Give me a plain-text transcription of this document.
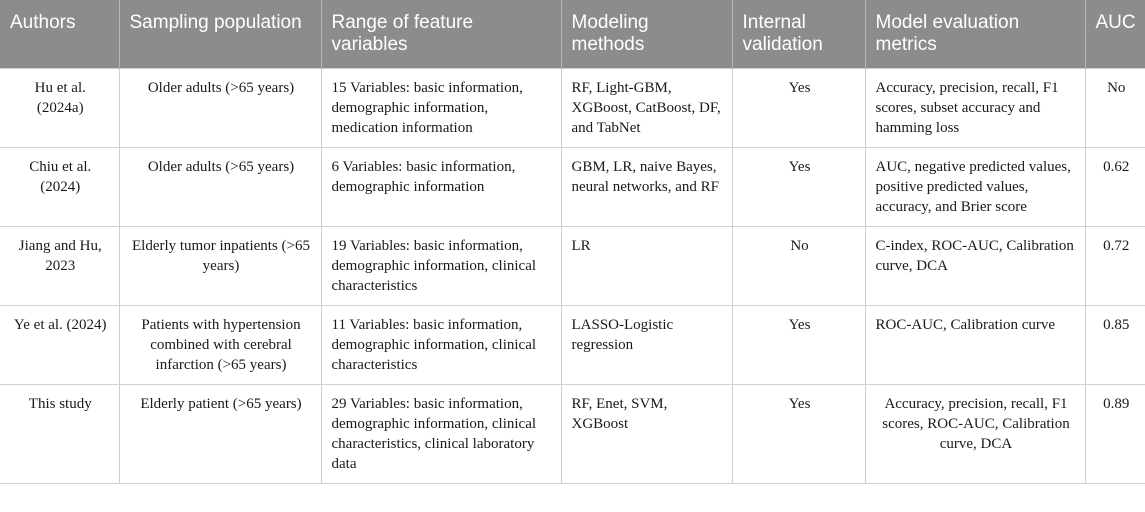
Authors	Sampling population	Range of feature variables	Modeling methods	Internal validation	Model evaluation metrics	AUC
Hu et al. (2024a)	Older adults (>65 years)	15 Variables: basic information, demographic information, medication information	RF, Light-GBM, XGBoost, CatBoost, DF, and TabNet	Yes	Accuracy, precision, recall, F1 scores, subset accuracy and hamming loss	No
Chiu et al. (2024)	Older adults (>65 years)	6 Variables: basic information, demographic information	GBM, LR, naive Bayes, neural networks, and RF	Yes	AUC, negative predicted values, positive predicted values, accuracy, and Brier score	0.62
Jiang and Hu, 2023	Elderly tumor inpatients (>65 years)	19 Variables: basic information, demographic information, clinical characteristics	LR	No	C-index, ROC-AUC, Calibration curve, DCA	0.72
Ye et al. (2024)	Patients with hypertension combined with cerebral infarction (>65 years)	11 Variables: basic information, demographic information, clinical characteristics	LASSO-Logistic regression	Yes	ROC-AUC, Calibration curve	0.85
This study	Elderly patient (>65 years)	29 Variables: basic information, demographic information, clinical characteristics, clinical laboratory data	RF, Enet, SVM, XGBoost	Yes	Accuracy, precision, recall, F1 scores, ROC-AUC, Calibration curve, DCA	0.89
